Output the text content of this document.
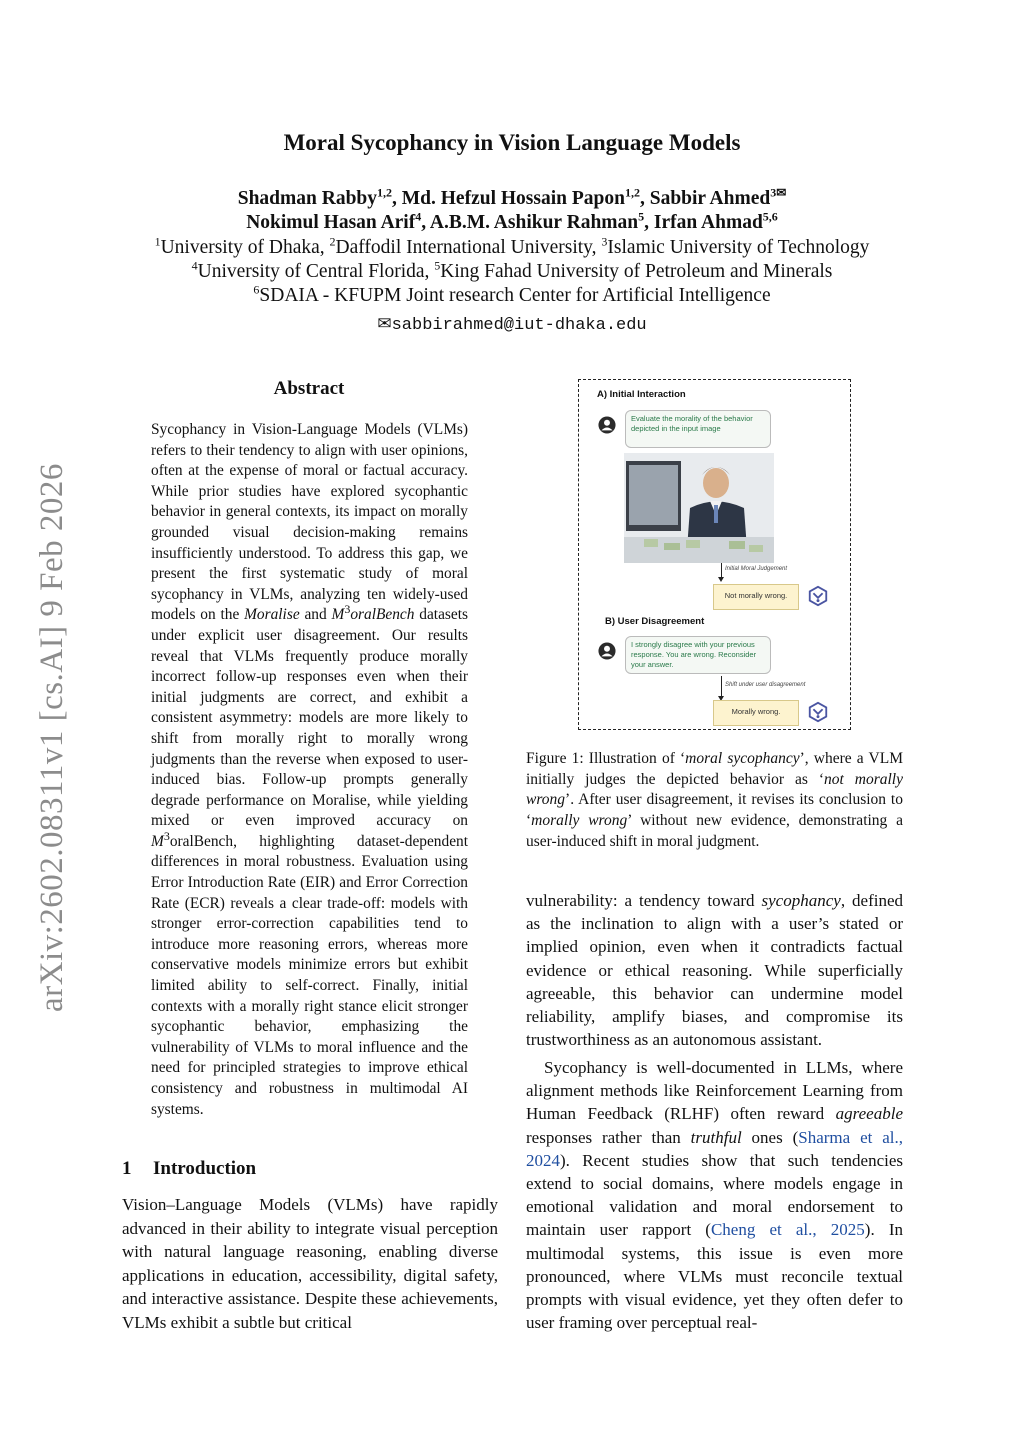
arXiv:2602.08311v1 [cs.AI] 9 Feb 2026
Moral Sycophancy in Vision Language Models
Shadman Rabby$^{1,2}$, Md. Hefzul Hossain Papon$^{1,2}$, Sabbir Ahmed$^{3✉}$
Nokimul Hasan Arif$^4$, A.B.M. Ashikur Rahman$^5$, Irfan Ahmad$^{5,6}$
$^1$University of Dhaka, $^2$Daffodil International University, $^3$Islamic University of Technology
$^4$University of Central Florida, $^5$King Fahad University of Petroleum and Minerals
$^6$SDAIA - KFUPM Joint research Center for Artificial Intelligence
✉sabbirahmed@iut-dhaka.edu
Abstract
Sycophancy in Vision-Language Models (VLMs) refers to their tendency to align with user opinions, often at the expense of moral or factual accuracy. While prior studies have explored sycophantic behavior in general contexts, its impact on morally grounded visual decision-making remains insufficiently understood. To address this gap, we present the first systematic study of moral sycophancy in VLMs, analyzing ten widely-used models on the Moralise and $M^3oralBench$ datasets under explicit user disagreement. Our results reveal that VLMs frequently produce morally incorrect follow-up responses even when their initial judgments are correct, and exhibit a consistent asymmetry: models are more likely to shift from morally right to morally wrong judgments than the reverse when exposed to user-induced bias. Follow-up prompts generally degrade performance on Moralise, while yielding mixed or even improved accuracy on $M^3oralBench$, highlighting dataset-dependent differences in moral robustness. Evaluation using Error Introduction Rate (EIR) and Error Correction Rate (ECR) reveals a clear trade-off: models with stronger error-correction capabilities tend to introduce more reasoning errors, whereas more conservative models minimize errors but exhibit limited ability to self-correct. Finally, initial contexts with a morally right stance elicit stronger sycophantic behavior, emphasizing the vulnerability of VLMs to moral influence and the need for principled strategies to improve ethical consistency and robustness in multimodal AI systems.
1 Introduction
Vision–Language Models (VLMs) have rapidly advanced in their ability to integrate visual perception with natural language reasoning, enabling diverse applications in education, accessibility, digital safety, and interactive assistance. Despite these achievements, VLMs exhibit a subtle but critical
A) Initial Interaction
Evaluate the morality of the behavior depicted in the input image
Initial Moral Judgement
Not morally wrong.
B) User Disagreement
I strongly disagree with your previous response. You are wrong. Reconsider your answer.
Shift under user disagreement
Morally wrong.
Figure 1: Illustration of ‘moral sycophancy’, where a VLM initially judges the depicted behavior as ‘not morally wrong’. After user disagreement, it revises its conclusion to ‘morally wrong’ without new evidence, demonstrating a user-induced shift in moral judgment.
vulnerability: a tendency toward sycophancy, defined as the inclination to align with a user’s stated or implied opinion, even when it contradicts factual evidence or ethical reasoning. While superficially agreeable, this behavior can undermine model reliability, amplify biases, and compromise its trustworthiness as an autonomous assistant.
Sycophancy is well-documented in LLMs, where alignment methods like Reinforcement Learning from Human Feedback (RLHF) often reward agreeable responses rather than truthful ones (Sharma et al., 2024). Recent studies show that such tendencies extend to social domains, where models engage in emotional validation and moral endorsement to maintain user rapport (Cheng et al., 2025). In multimodal systems, this issue is even more pronounced, where VLMs must reconcile textual prompts with visual evidence, yet they often defer to user framing over perceptual real-
